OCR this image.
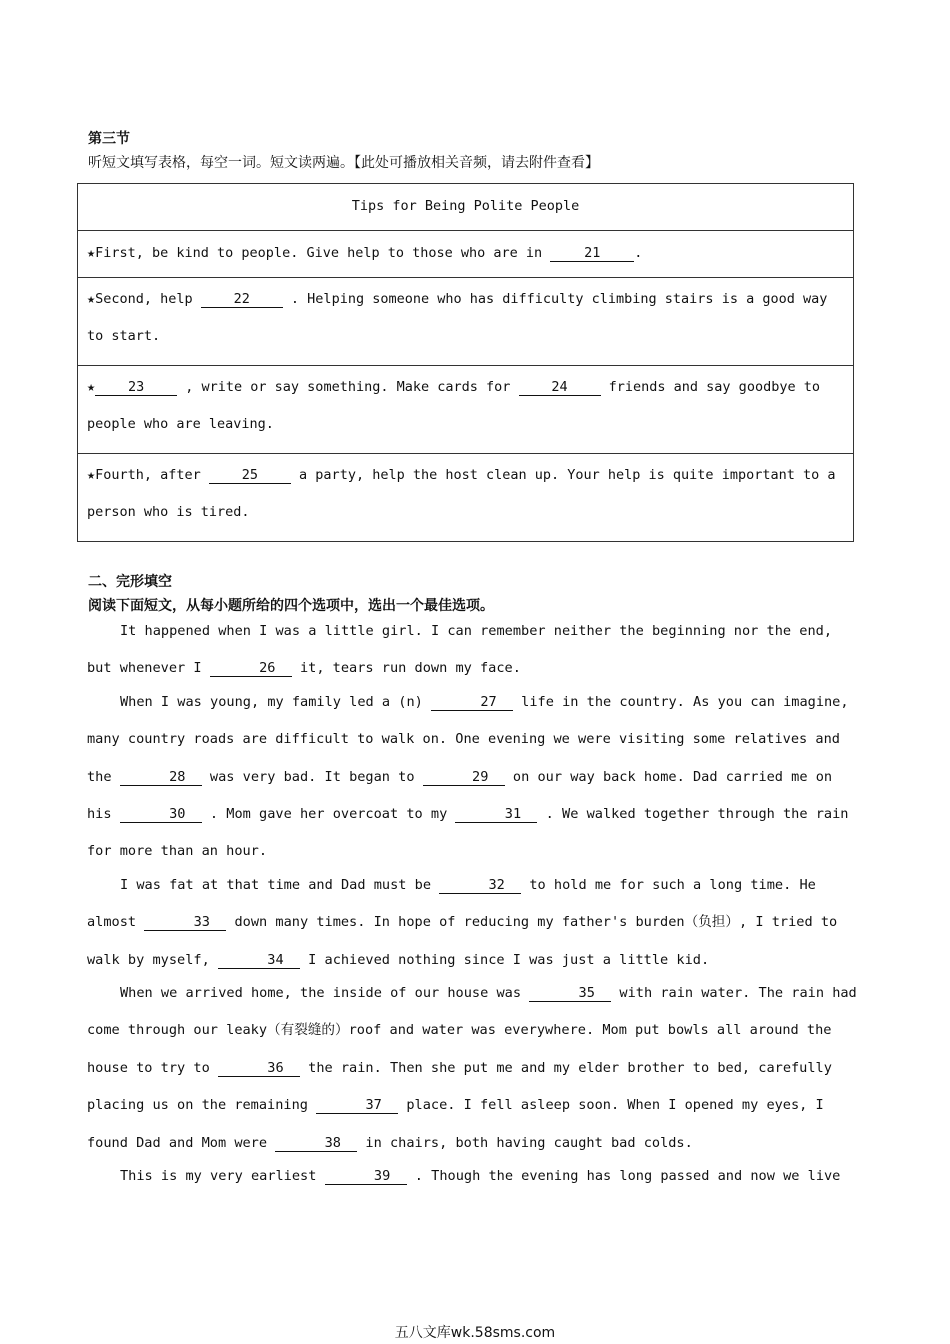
第三节
听短文填写表格，每空一词。短文读两遍。【此处可播放相关音频，请去附件查看】
Tips for Being Polite People
★First, be kind to people. Give help to those who are in	21	.
★Second, help 22 . Helping someone who has difficulty climbing stairs is a good way to start.
★ 23 , write or say something. Make cards for 24 friends and say goodbye to people who are leaving.
★Fourth, after 25 a party, help the host clean up. Your help is quite important to a person who is tired.
二、完形填空
阅读下面短文，从每小题所给的四个选项中，选出一个最佳选项。

It happened when I was a little girl. I can remember neither the beginning nor the end, but whenever I	26 it, tears run down my face.

When I was young, my family led a (n)	27 life in the country. As you can imagine, many country roads are difficult to walk on. One evening we were visiting some relatives and the	28 was very bad. It began to	29 on our way back home. Dad carried me on his	30 . Mom gave her overcoat to my	31 . We walked together through the rain for more than an hour.

I was fat at that time and Dad must be	32 to hold me for such a long time. He almost	33 down many times. In hope of reducing my father's burden（负担）, I tried to walk by myself,	34 I achieved nothing since I was just a little kid.

When we arrived home, the inside of our house was	35 with rain water. The rain had come through our leaky（有裂缝的）roof and water was everywhere. Mom put bowls all around the house to try to	36 the rain. Then she put me and my elder brother to bed, carefully placing us on the remaining	37 place. I fell asleep soon. When I opened my eyes, I found Dad and Mom were	38 in chairs, both having caught bad colds.

This is my very earliest	39 . Though the evening has long passed and now we live

五八文库wk.58sms.com
